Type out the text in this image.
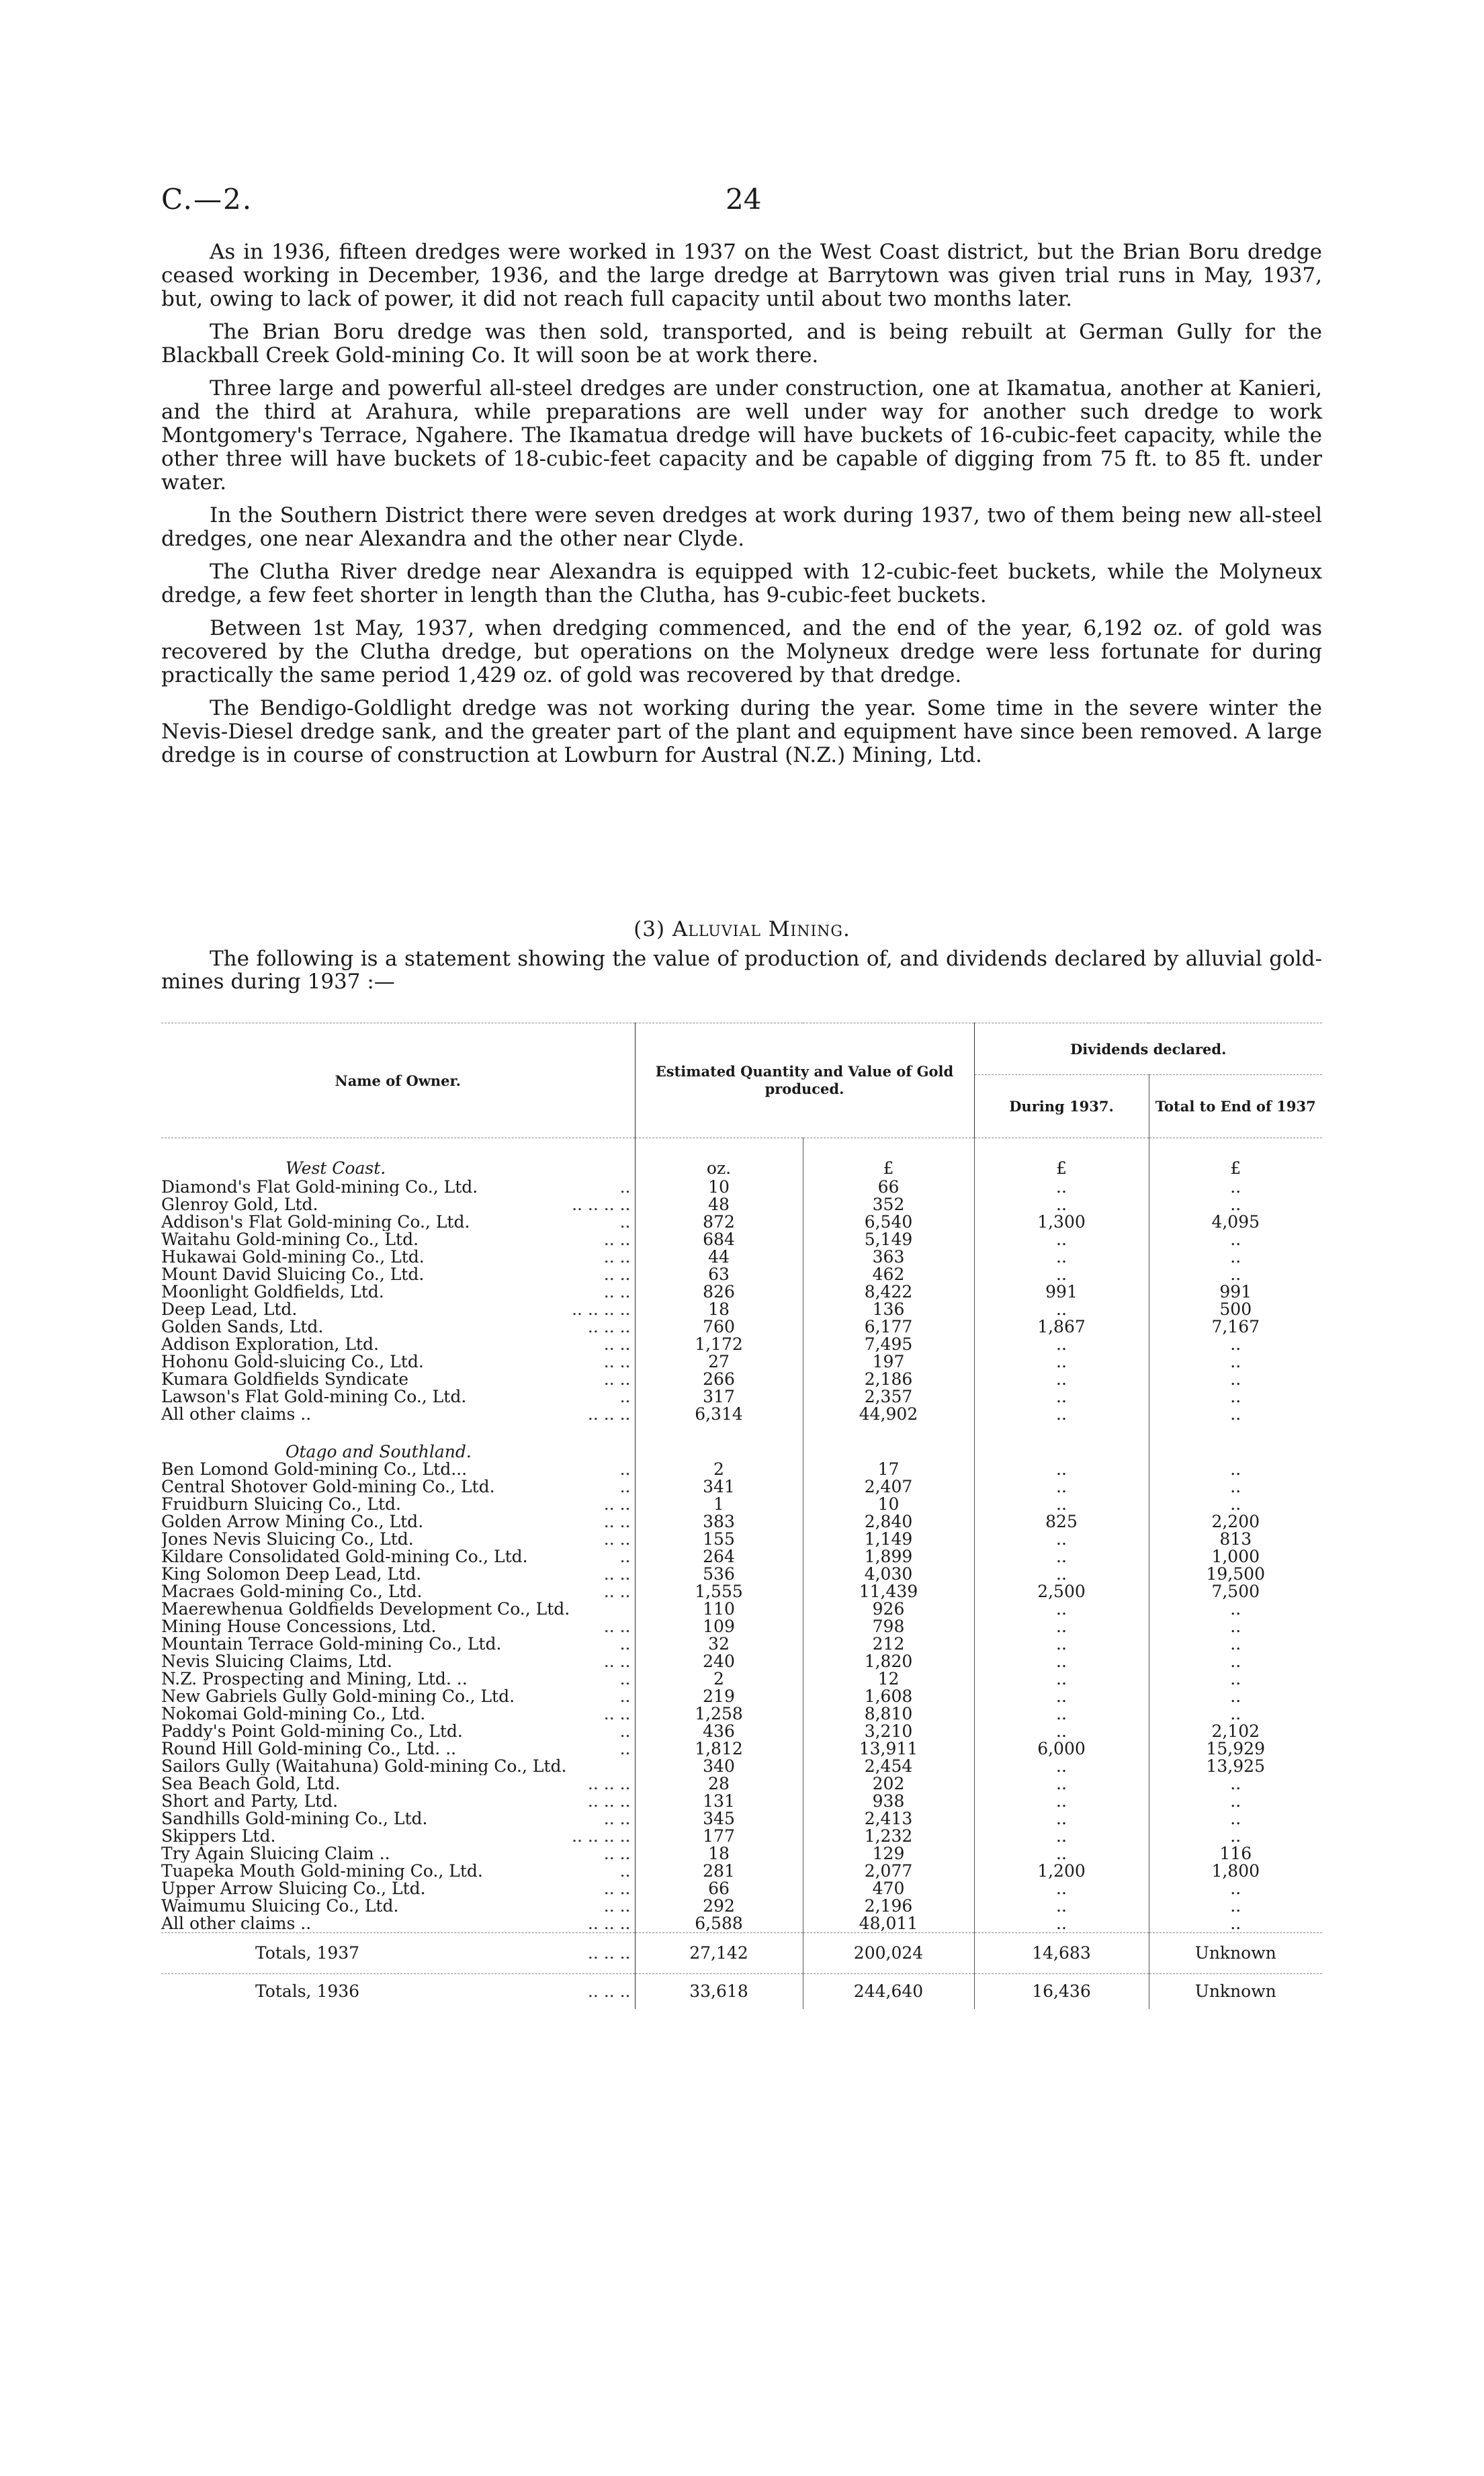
C.—2.	24

As in 1936, fifteen dredges were worked in 1937 on the West Coast district, but the Brian Boru dredge ceased working in December, 1936, and the large dredge at Barrytown was given trial runs in May, 1937, but, owing to lack of power, it did not reach full capacity until about two months later.

The Brian Boru dredge was then sold, transported, and is being rebuilt at German Gully for the Blackball Creek Gold-mining Co. It will soon be at work there.

Three large and powerful all-steel dredges are under construction, one at Ikamatua, another at Kanieri, and the third at Arahura, while preparations are well under way for another such dredge to work Montgomery's Terrace, Ngahere. The Ikamatua dredge will have buckets of 16-cubic-feet capacity, while the other three will have buckets of 18-cubic-feet capacity and be capable of digging from 75 ft. to 85 ft. under water.

In the Southern District there were seven dredges at work during 1937, two of them being new all-steel dredges, one near Alexandra and the other near Clyde.

The Clutha River dredge near Alexandra is equipped with 12-cubic-feet buckets, while the Molyneux dredge, a few feet shorter in length than the Clutha, has 9-cubic-feet buckets.

Between 1st May, 1937, when dredging commenced, and the end of the year, 6,192 oz. of gold was recovered by the Clutha dredge, but operations on the Molyneux dredge were less fortunate for during practically the same period 1,429 oz. of gold was recovered by that dredge.

The Bendigo-Goldlight dredge was not working during the year. Some time in the severe winter the Nevis-Diesel dredge sank, and the greater part of the plant and equipment have since been removed. A large dredge is in course of construction at Lowburn for Austral (N.Z.) Mining, Ltd.

(3) Alluvial Mining.
The following is a statement showing the value of production of, and dividends declared by alluvial gold-mines during 1937 :—
Name of Owner.	Estimated Quantity and Value of Gold produced.		Dividends declared.	
			During 1937.	Total to End of 1937

West Coast.	oz.	£	£	£
Diamond's Flat Gold-mining Co., Ltd. ..	10	66	..	..
Glenroy Gold, Ltd. .. .. .. ..	48	352	..	..
Addison's Flat Gold-mining Co., Ltd. ..	872	6,540	1,300	4,095
Waitahu Gold-mining Co., Ltd. .. ..	684	5,149	..	..
Hukawai Gold-mining Co., Ltd. .. ..	44	363	..	..
Mount David Sluicing Co., Ltd. .. ..	63	462	..	..
Moonlight Goldfields, Ltd. .. ..	826	8,422	991	991
Deep Lead, Ltd. .. .. .. ..	18	136	..	500
Golden Sands, Ltd. .. .. ..	760	6,177	1,867	7,167
Addison Exploration, Ltd. .. ..	1,172	7,495	..	..
Hohonu Gold-sluicing Co., Ltd. .. ..	27	197	..	..
Kumara Goldfields Syndicate .. ..	266	2,186	..	..
Lawson's Flat Gold-mining Co., Ltd. ..	317	2,357	..	..
All other claims .. .. .. ..	6,314	44,902	..	..

Otago and Southland.				
Ben Lomond Gold-mining Co., Ltd... ..	2	17	..	..
Central Shotover Gold-mining Co., Ltd. ..	341	2,407	..	..
Fruidburn Sluicing Co., Ltd. .. ..	1	10	..	..
Golden Arrow Mining Co., Ltd. .. ..	383	2,840	825	2,200
Jones Nevis Sluicing Co., Ltd. .. ..	155	1,149	..	813
Kildare Consolidated Gold-mining Co., Ltd. ..	264	1,899	..	1,000
King Solomon Deep Lead, Ltd. .. ..	536	4,030	..	19,500
Macraes Gold-mining Co., Ltd. .. ..	1,555	11,439	2,500	7,500
Maerewhenua Goldfields Development Co., Ltd.	110	926	..	..
Mining House Concessions, Ltd. .. ..	109	798	..	..
Mountain Terrace Gold-mining Co., Ltd. ..	32	212	..	..
Nevis Sluicing Claims, Ltd. .. ..	240	1,820	..	..
N.Z. Prospecting and Mining, Ltd. .. ..	2	12	..	..
New Gabriels Gully Gold-mining Co., Ltd. ..	219	1,608	..	..
Nokomai Gold-mining Co., Ltd. .. ..	1,258	8,810	..	..
Paddy's Point Gold-mining Co., Ltd. ..	436	3,210	..	2,102
Round Hill Gold-mining Co., Ltd. .. ..	1,812	13,911	6,000	15,929
Sailors Gully (Waitahuna) Gold-mining Co., Ltd.	340	2,454	..	13,925
Sea Beach Gold, Ltd. .. .. ..	28	202	..	..
Short and Party, Ltd. .. .. ..	131	938	..	..
Sandhills Gold-mining Co., Ltd. .. ..	345	2,413	..	..
Skippers Ltd. .. .. .. ..	177	1,232	..	..
Try Again Sluicing Claim .. .. ..	18	129	..	116
Tuapeka Mouth Gold-mining Co., Ltd. ..	281	2,077	1,200	1,800
Upper Arrow Sluicing Co., Ltd. .. ..	66	470	..	..
Waimumu Sluicing Co., Ltd. .. ..	292	2,196	..	..
All other claims .. .. .. ..	6,588	48,011	..	..
Totals, 1937 .. .. ..	27,142	200,024	14,683	Unknown
Totals, 1936 .. .. ..	33,618	244,640	16,436	Unknown
